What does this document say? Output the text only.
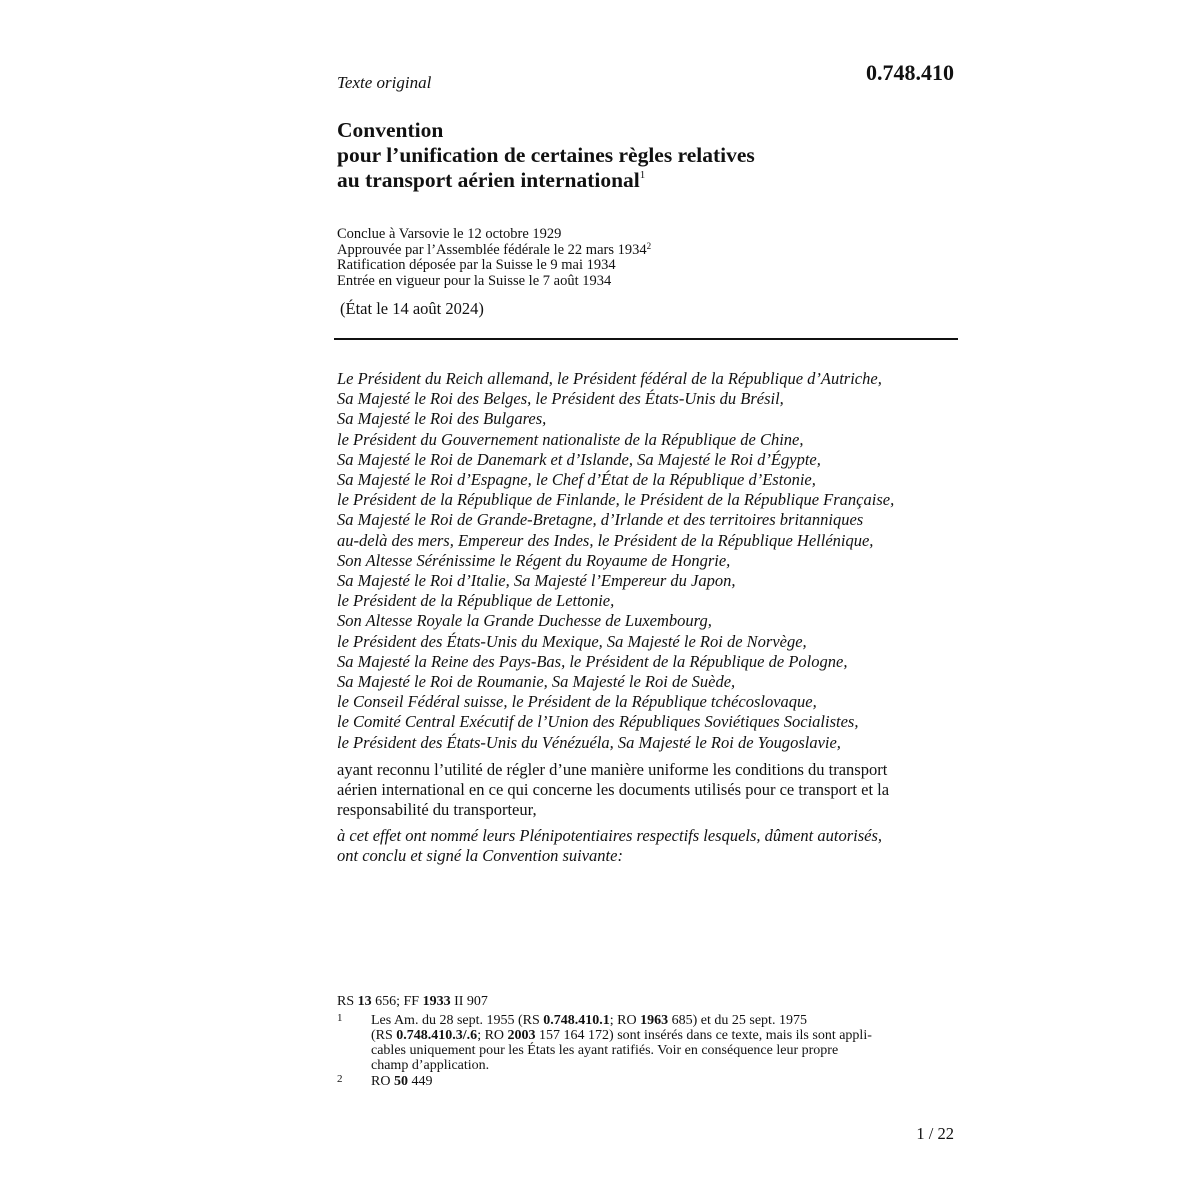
Texte original	0.748.410
Convention
pour l’unification de certaines règles relatives
au transport aérien international$^1$
Conclue à Varsovie le 12 octobre 1929
Approuvée par l’Assemblée fédérale le 22 mars 1934$^2$
Ratification déposée par la Suisse le 9 mai 1934
Entrée en vigueur pour la Suisse le 7 août 1934
(État le 14 août 2024)
Le Président du Reich allemand, le Président fédéral de la République d’Autriche,
Sa Majesté le Roi des Belges, le Président des États-Unis du Brésil,
Sa Majesté le Roi des Bulgares,
le Président du Gouvernement nationaliste de la République de Chine,
Sa Majesté le Roi de Danemark et d’Islande, Sa Majesté le Roi d’Égypte,
Sa Majesté le Roi d’Espagne, le Chef d’État de la République d’Estonie,
le Président de la République de Finlande, le Président de la République Française,
Sa Majesté le Roi de Grande-Bretagne, d’Irlande et des territoires britanniques
au-delà des mers, Empereur des Indes, le Président de la République Hellénique,
Son Altesse Sérénissime le Régent du Royaume de Hongrie,
Sa Majesté le Roi d’Italie, Sa Majesté l’Empereur du Japon,
le Président de la République de Lettonie,
Son Altesse Royale la Grande Duchesse de Luxembourg,
le Président des États-Unis du Mexique, Sa Majesté le Roi de Norvège,
Sa Majesté la Reine des Pays-Bas, le Président de la République de Pologne,
Sa Majesté le Roi de Roumanie, Sa Majesté le Roi de Suède,
le Conseil Fédéral suisse, le Président de la République tchécoslovaque,
le Comité Central Exécutif de l’Union des Républiques Soviétiques Socialistes,
le Président des États-Unis du Vénézuéla, Sa Majesté le Roi de Yougoslavie,
ayant reconnu l’utilité de régler d’une manière uniforme les conditions du transport
aérien international en ce qui concerne les documents utilisés pour ce transport et la
responsabilité du transporteur,
à cet effet ont nommé leurs Plénipotentiaires respectifs lesquels, dûment autorisés,
ont conclu et signé la Convention suivante:
RS 13 656; FF 1933 II 907
1 Les Am. du 28 sept. 1955 (RS 0.748.410.1; RO 1963 685) et du 25 sept. 1975
(RS 0.748.410.3/.6; RO 2003 157 164 172) sont insérés dans ce texte, mais ils sont appli-
cables uniquement pour les États les ayant ratifiés. Voir en conséquence leur propre
champ d’application.
2 RO 50 449
1 / 22
